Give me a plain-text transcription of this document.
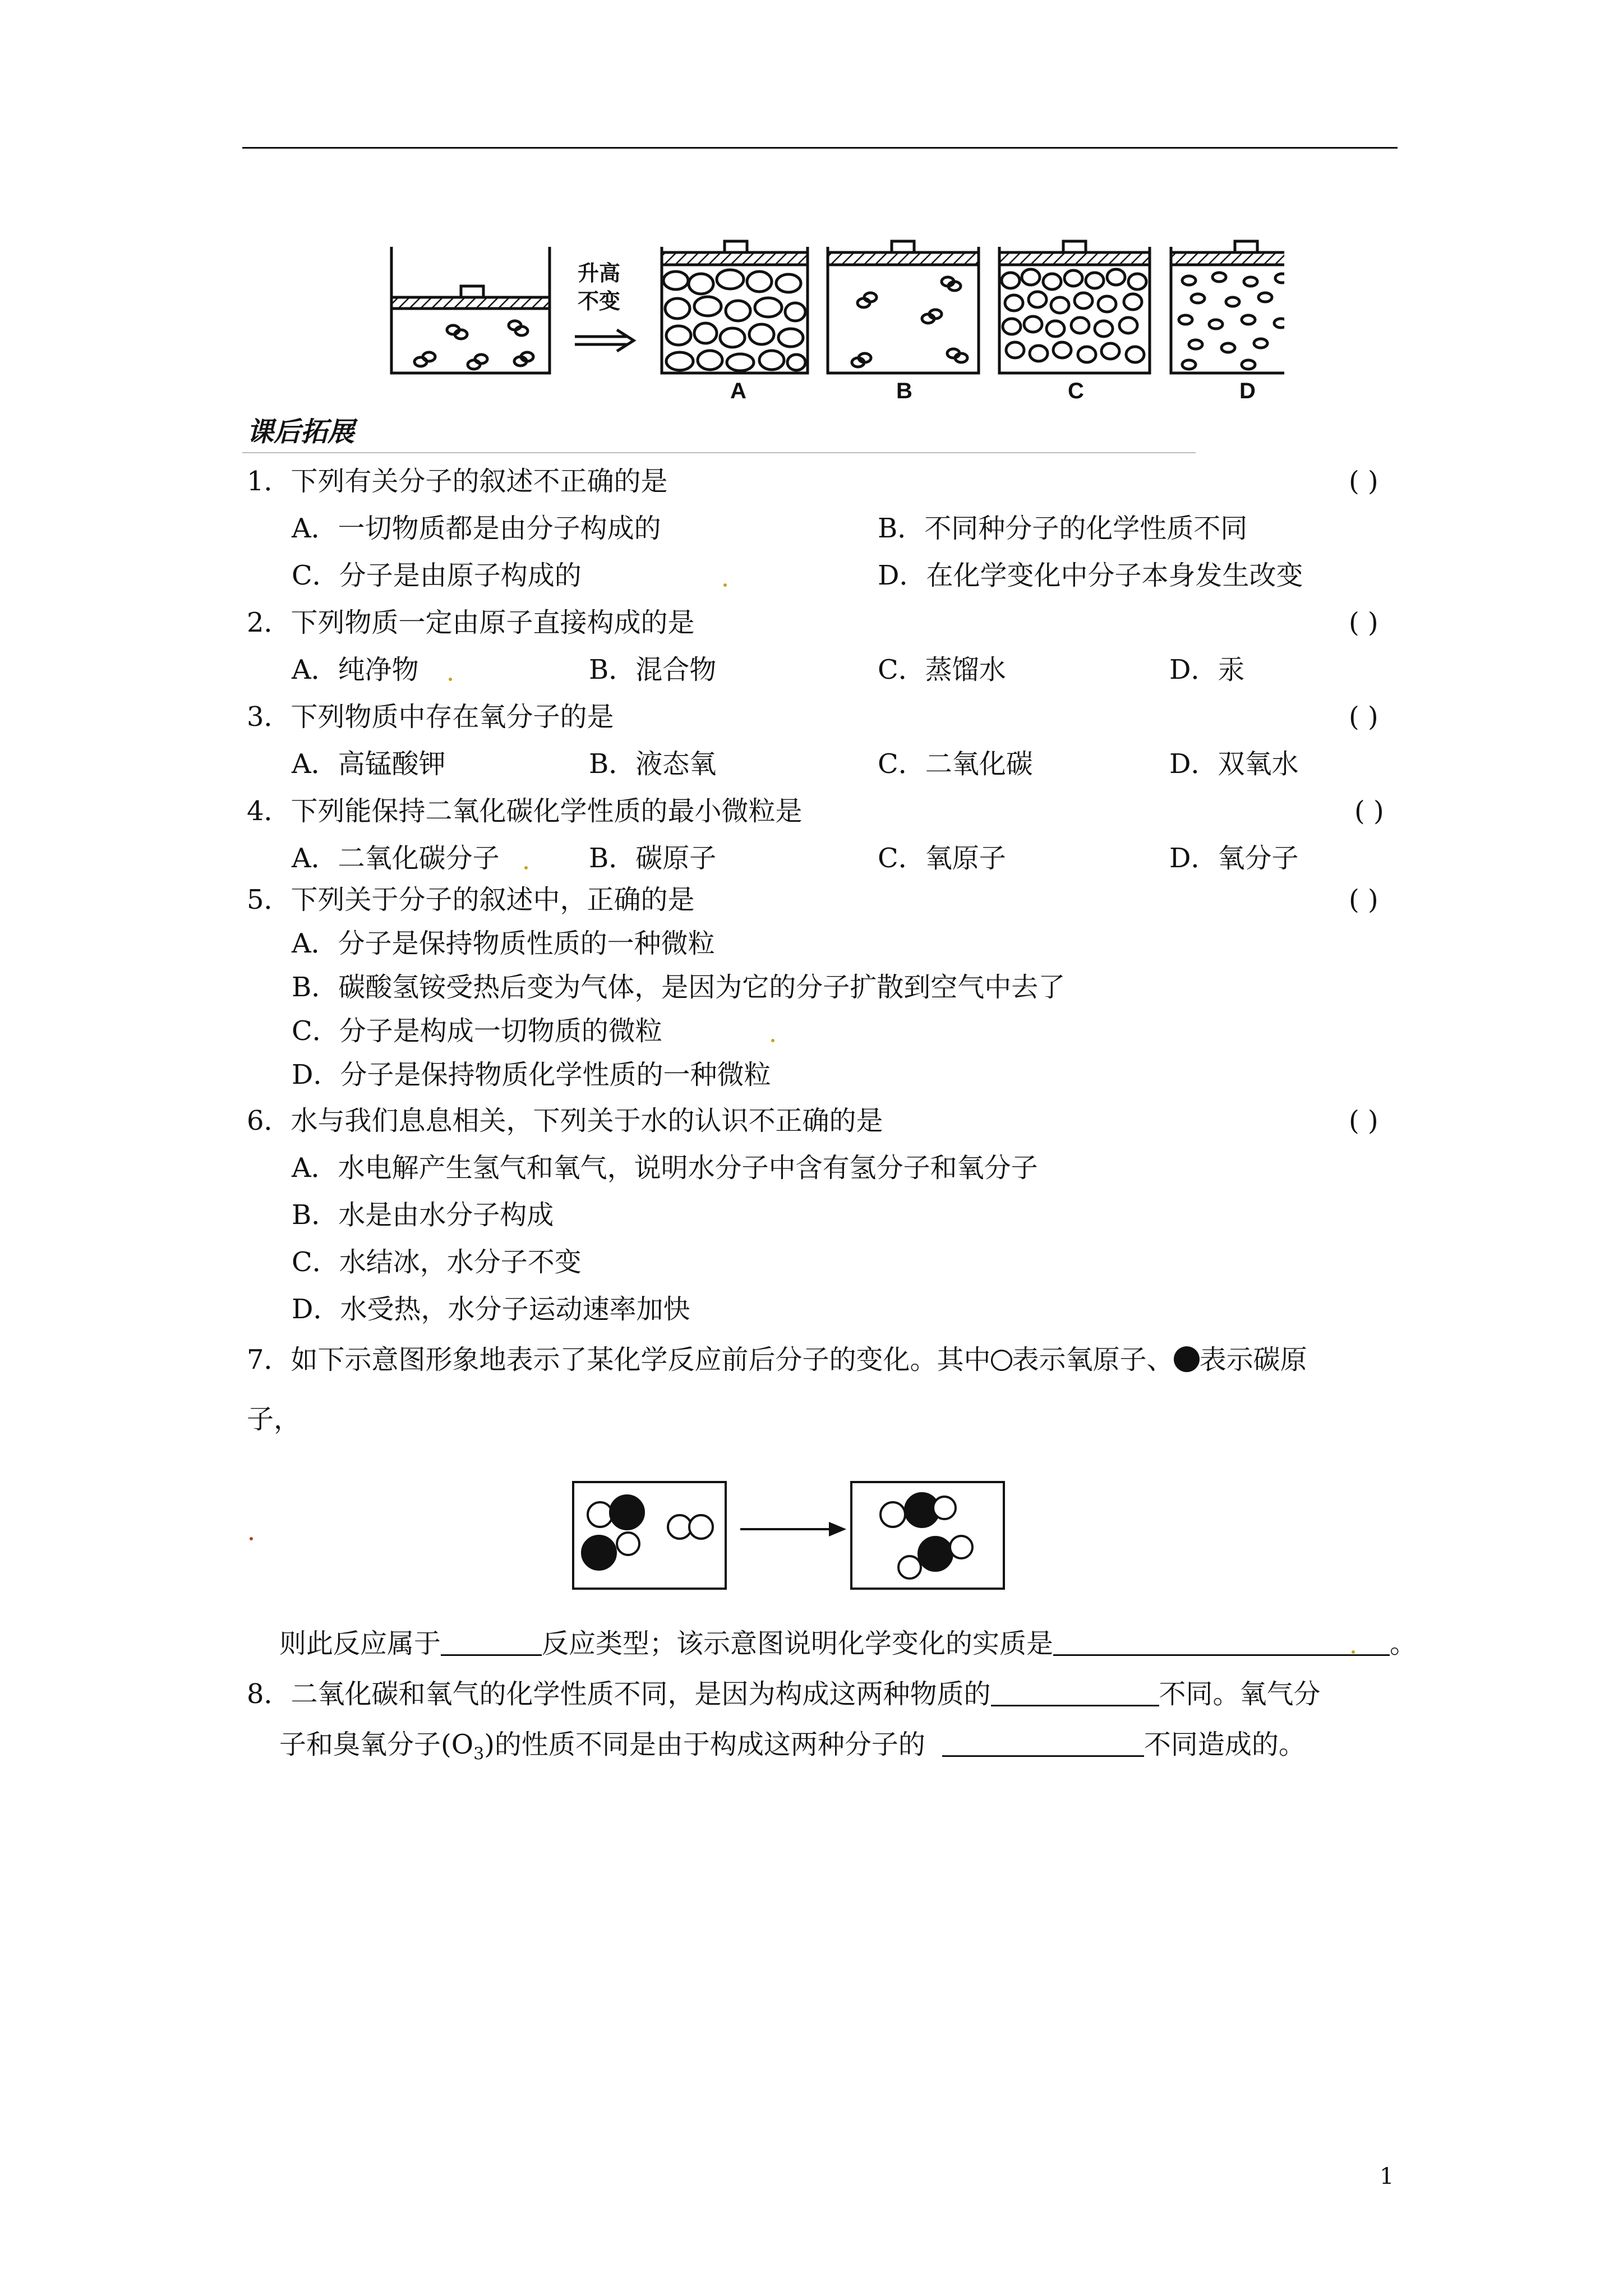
升高
不变
A	B	C	D
课后拓展
1．下列有关分子的叙述不正确的是	( )
A．一切物质都是由分子构成的	B．不同种分子的化学性质不同
C．分子是由原子构成的	D．在化学变化中分子本身发生改变
2．下列物质一定由原子直接构成的是	( )
A．纯净物	B．混合物	C．蒸馏水	D．汞
3．下列物质中存在氧分子的是	( )
A．高锰酸钾	B．液态氧	C．二氧化碳	D．双氧水
4．下列能保持二氧化碳化学性质的最小微粒是	( )
A．二氧化碳分子	B．碳原子	C．氧原子	D．氧分子
5．下列关于分子的叙述中，正确的是	( )
A．分子是保持物质性质的一种微粒
B．碳酸氢铵受热后变为气体，是因为它的分子扩散到空气中去了
C．分子是构成一切物质的微粒
D．分子是保持物质化学性质的一种微粒
6．水与我们息息相关，下列关于水的认识不正确的是	( )
A．水电解产生氢气和氧气，说明水分子中含有氢分子和氧分子
B．水是由水分子构成
C．水结冰，水分子不变
D．水受热，水分子运动速率加快
7．如下示意图形象地表示了某化学反应前后分子的变化。其中 表示氧原子、 表示碳原
子，
则此反应属于	反应类型；该示意图说明化学变化的实质是	。
8．二氧化碳和氧气的化学性质不同，是因为构成这两种物质的	不同。氧气分
子和臭氧分子$(O_3)$的性质不同是由于构成这两种分子的	不同造成的。
1
